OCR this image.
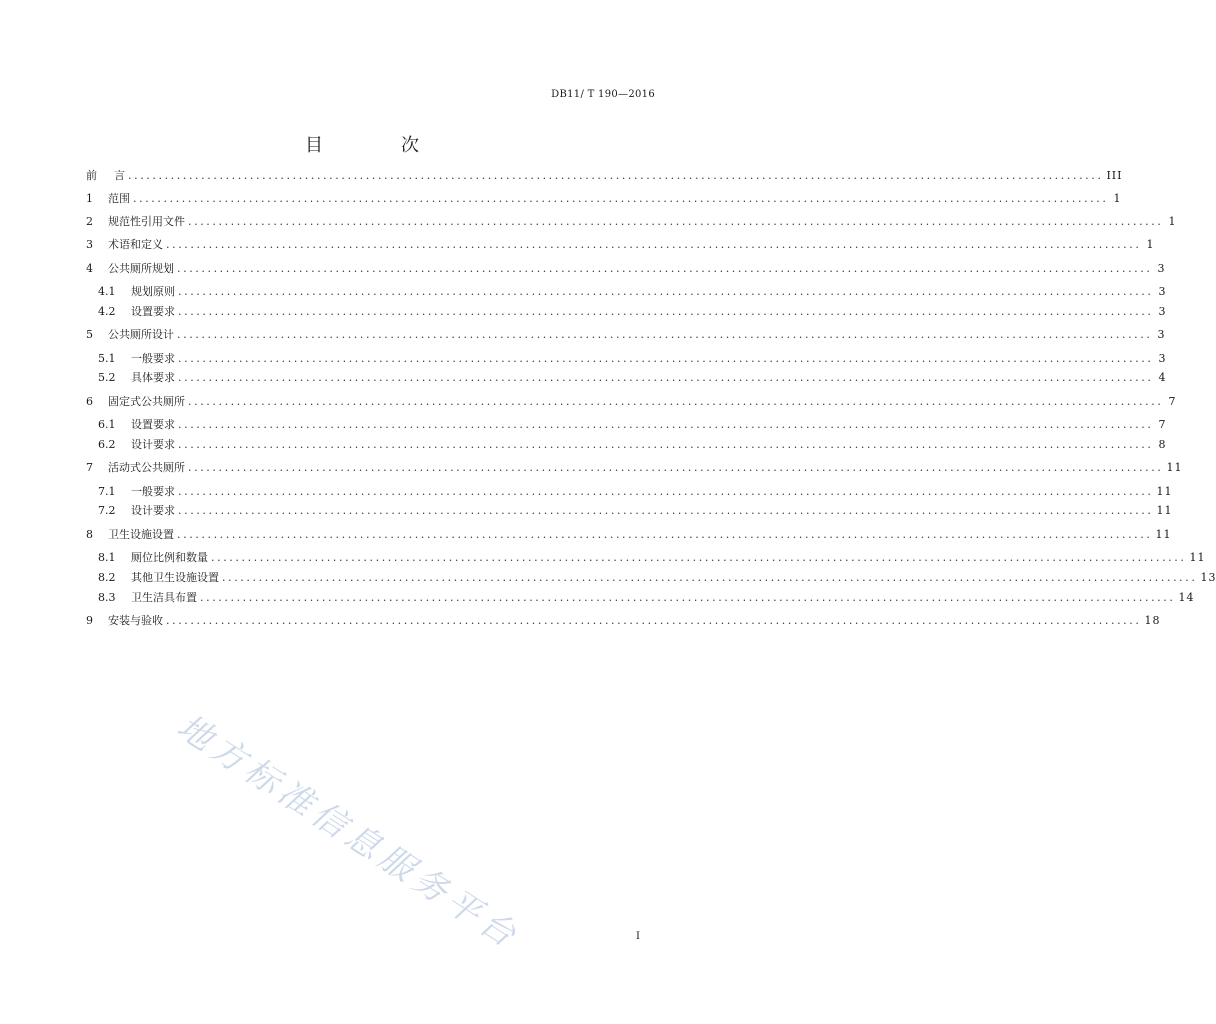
DB11/ T 190—2016
目　次
前	言 ................................................................................................................................................................ III
1	范围 ................................................................................................................................................................ 1
2	规范性引用文件 ................................................................................................................................................................ 1
3	术语和定义 ................................................................................................................................................................ 1
4	公共厕所规划 ................................................................................................................................................................ 3
4.1	规划原则 ................................................................................................................................................................ 3
4.2	设置要求 ................................................................................................................................................................ 3
5	公共厕所设计 ................................................................................................................................................................ 3
5.1	一般要求 ................................................................................................................................................................ 3
5.2	具体要求 ................................................................................................................................................................ 4
6	固定式公共厕所 ................................................................................................................................................................ 7
6.1	设置要求 ................................................................................................................................................................ 7
6.2	设计要求 ................................................................................................................................................................ 8
7	活动式公共厕所 ................................................................................................................................................................ 11
7.1	一般要求 ................................................................................................................................................................ 11
7.2	设计要求 ................................................................................................................................................................ 11
8	卫生设施设置 ................................................................................................................................................................ 11
8.1	厕位比例和数量 ................................................................................................................................................................ 11
8.2	其他卫生设施设置 ................................................................................................................................................................ 13
8.3	卫生洁具布置 ................................................................................................................................................................ 14
9	安装与验收 ................................................................................................................................................................ 18
地方标准信息服务平台	I
